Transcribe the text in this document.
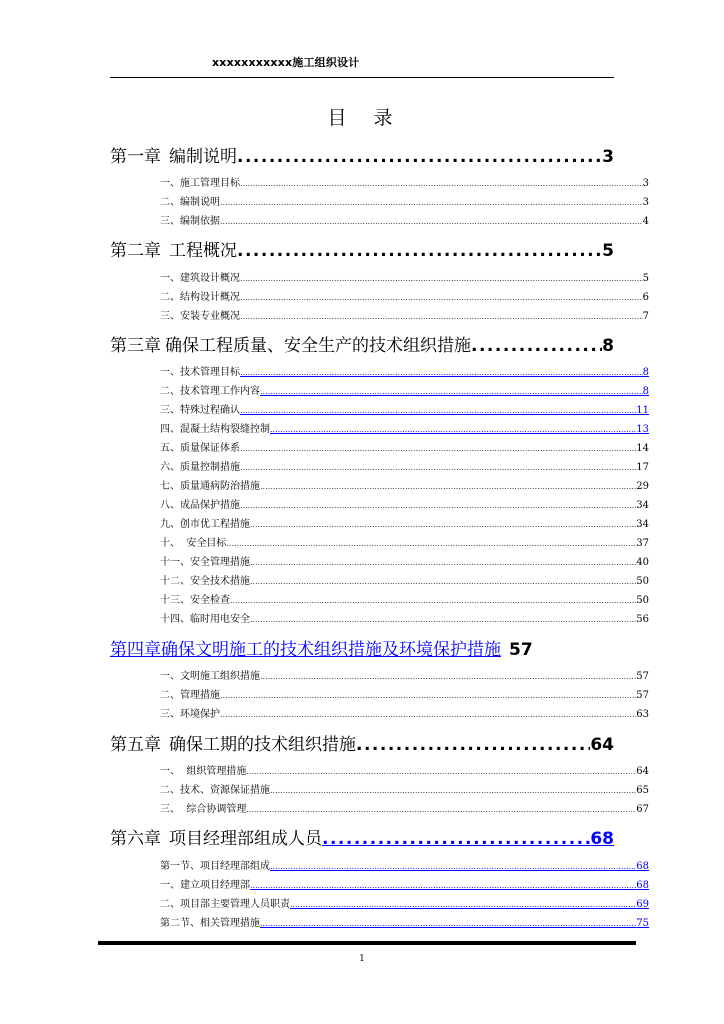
xxxxxxxxxxx施工组织设计
目　录
第一章 编制说明 .....	3
一、施工管理目标 .....	3
二、编制说明 .....	3
三、编制依据 .....	4
第二章 工程概况 .....	5
一、建筑设计概况 .....	5
二、结构设计概况 .....	6
三、安装专业概况 .....	7
第三章 确保工程质量、安全生产的技术组织措施 .....	8
一、技术管理目标 .....	8
二、技术管理工作内容 .....	8
三、特殊过程确认 .....	11
四、混凝土结构裂缝控制 .....	13
五、质量保证体系 .....	14
六、质量控制措施 .....	17
七、质量通病防治措施 .....	29
八、成品保护措施 .....	34
九、创市优工程措施 .....	34
十、  安全目标 .....	37
十一、安全管理措施 .....	40
十二、安全技术措施 .....	50
十三、安全检查 .....	50
十四、临时用电安全 .....	56
第四章 确保文明施工的技术组织措施及环境保护措施 57
一、文明施工组织措施 .....	57
二、管理措施 .....	57
三、环境保护 .....	63
第五章 确保工期的技术组织措施 .....	64
一、  组织管理措施 .....	64
二、技术、资源保证措施 .....	65
三、  综合协调管理 .....	67
第六章 项目经理部组成人员 .....	68
第一节、项目经理部组成 .....	68
一、建立项目经理部 .....	68
二、项目部主要管理人员职责 .....	69
第二节、相关管理措施 .....	75
1
